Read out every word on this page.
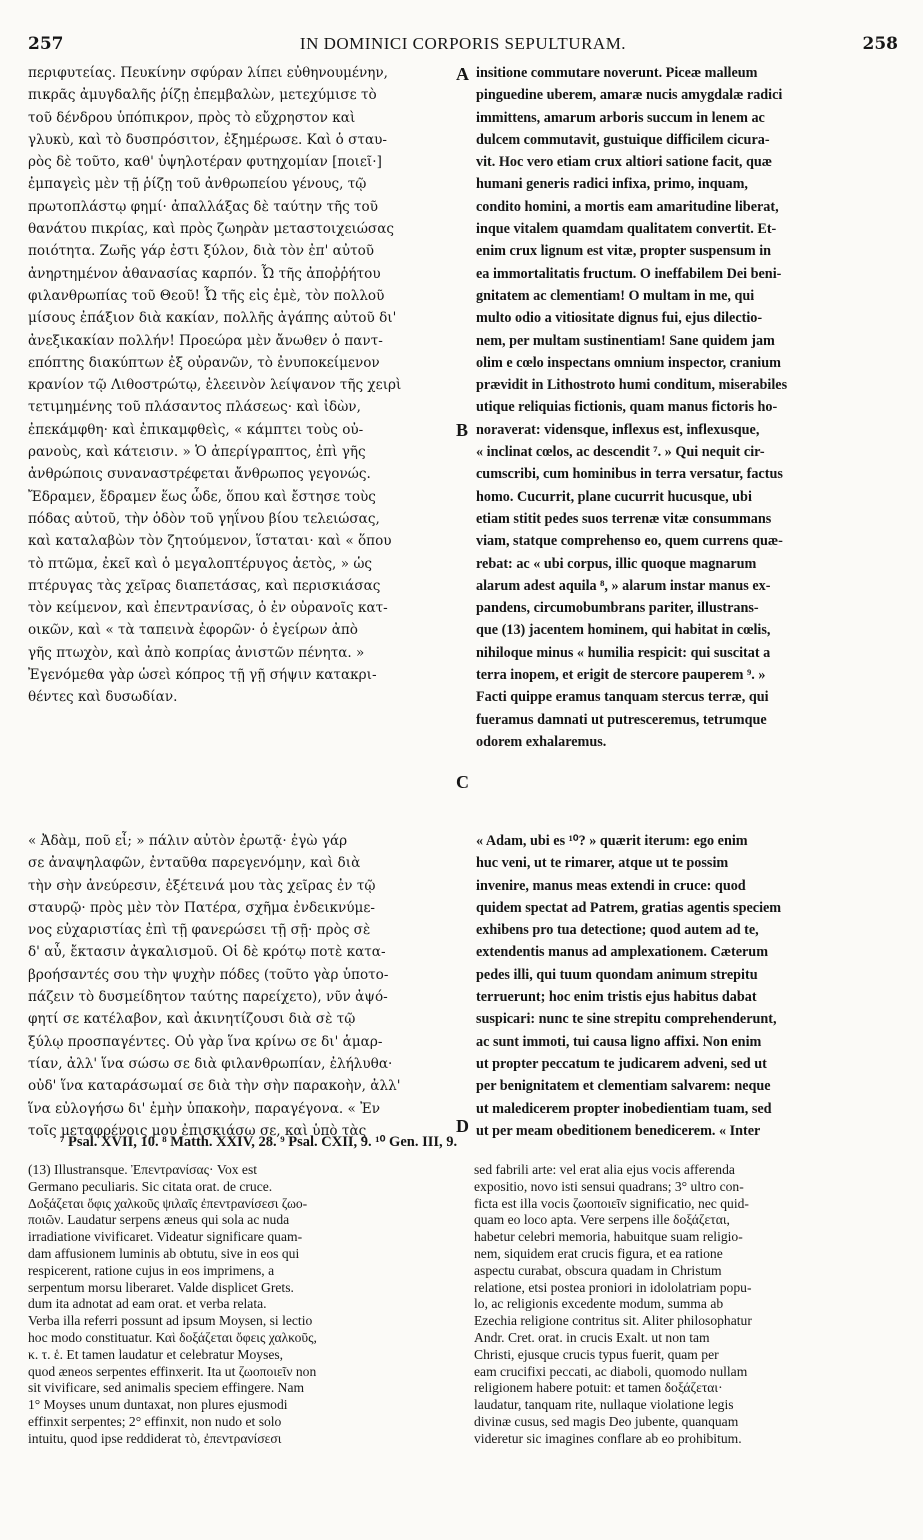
257	IN DOMINICI CORPORIS SEPULTURAM.	258

περιφυτείας. Πευκίνην σφύραν λίπει εὐθηνουμένην,

πικρᾶς ἀμυγδαλῆς ῥίζῃ ἐπεμβαλὼν, μετεχύμισε τὸ

τοῦ δένδρου ὑπόπικρον, πρὸς τὸ εὔχρηστον καὶ

γλυκὺ, καὶ τὸ δυσπρόσιτον, ἐξημέρωσε. Καὶ ὁ σταυ-

ρὸς δὲ τοῦτο, καθ' ὑψηλοτέραν φυτηχομίαν [ποιεῖ·]

ἐμπαγεὶς μὲν τῇ ῥίζῃ τοῦ ἀνθρωπείου γένους, τῷ

πρωτοπλάστῳ φημί· ἀπαλλάξας δὲ ταύτην τῆς τοῦ

θανάτου πικρίας, καὶ πρὸς ζωηρὰν μεταστοιχειώσας

ποιότητα. Ζωῆς γάρ ἐστι ξύλον, διὰ τὸν ἐπ' αὐτοῦ

ἀνηρτημένον ἀθανασίας καρπόν. Ὦ τῆς ἀποῤῥήτου

φιλανθρωπίας τοῦ Θεοῦ! Ὦ τῆς εἰς ἐμὲ, τὸν πολλοῦ

μίσους ἐπάξιον διὰ κακίαν, πολλῆς ἀγάπης αὐτοῦ δι'

ἀνεξικακίαν πολλήν! Προεώρα μὲν ἄνωθεν ὁ παντ-

επόπτης διακύπτων ἐξ οὐρανῶν, τὸ ἐνυποκείμενον

κρανίον τῷ Λιθοστρώτῳ, ἐλεεινὸν λείψανον τῆς χειρὶ

τετιμημένης τοῦ πλάσαντος πλάσεως· καὶ ἰδὼν,

ἐπεκάμφθη· καὶ ἐπικαμφθεὶς, « κάμπτει τοὺς οὐ-

ρανοὺς, καὶ κάτεισιν. » Ὁ ἀπερίγραπτος, ἐπὶ γῆς

ἀνθρώποις συναναστρέφεται ἄνθρωπος γεγονώς.

Ἔδραμεν, ἔδραμεν ἕως ὧδε, ὅπου καὶ ἔστησε τοὺς

πόδας αὐτοῦ, τὴν ὁδὸν τοῦ γηΐνου βίου τελειώσας,

καὶ καταλαβὼν τὸν ζητούμενον, ἵσταται· καὶ « ὅπου

τὸ πτῶμα, ἐκεῖ καὶ ὁ μεγαλοπτέρυγος ἀετὸς, » ὡς

πτέρυγας τὰς χεῖρας διαπετάσας, καὶ περισκιάσας

τὸν κείμενον, καὶ ἐπεντρανίσας, ὁ ἐν οὐρανοῖς κατ-

οικῶν, καὶ « τὰ ταπεινὰ ἐφορῶν· ὁ ἐγείρων ἀπὸ

γῆς πτωχὸν, καὶ ἀπὸ κοπρίας ἀνιστῶν πένητα. »

Ἐγενόμεθα γὰρ ὡσεὶ κόπρος τῇ γῇ σήψιν κατακρι-

θέντες καὶ δυσωδίαν.

« Ἀδὰμ, ποῦ εἶ; » πάλιν αὐτὸν ἐρωτᾷ· ἐγὼ γάρ

σε ἀναψηλαφῶν, ἐνταῦθα παρεγενόμην, καὶ διὰ

τὴν σὴν ἀνεύρεσιν, ἐξέτεινά μου τὰς χεῖρας ἐν τῷ

σταυρῷ· πρὸς μὲν τὸν Πατέρα, σχῆμα ἐνδεικνύμε-

νος εὐχαριστίας ἐπὶ τῇ φανερώσει τῇ σῇ· πρὸς σὲ

δ' αὖ, ἔκτασιν ἀγκαλισμοῦ. Οἱ δὲ κρότῳ ποτὲ κατα-

βροήσαντές σου τὴν ψυχὴν πόδες (τοῦτο γὰρ ὑποτο-

πάζειν τὸ δυσμείδητον ταύτης παρείχετο), νῦν ἀψό-

φητί σε κατέλαβον, καὶ ἀκινητίζουσι διὰ σὲ τῷ

ξύλῳ προσπαγέντες. Οὐ γὰρ ἵνα κρίνω σε δι' ἁμαρ-

τίαν, ἀλλ' ἵνα σώσω σε διὰ φιλανθρωπίαν, ἐλήλυθα·

οὐδ' ἵνα καταράσωμαί σε διὰ τὴν σὴν παρακοὴν, ἀλλ'

ἵνα εὐλογήσω δι' ἐμὴν ὑπακοὴν, παραγέγονα. « Ἐν

τοῖς μεταφρένοις μου ἐπισκιάσω σε, καὶ ὑπὸ τὰς

insitione commutare noverunt. Piceæ malleum

pinguedine uberem, amaræ nucis amygdalæ radici

immittens, amarum arboris succum in lenem ac

dulcem commutavit, gustuique difficilem cicura-

vit. Hoc vero etiam crux altiori satione facit, quæ

humani generis radici infixa, primo, inquam,

condito homini, a mortis eam amaritudine liberat,

inque vitalem quamdam qualitatem convertit. Et-

enim crux lignum est vitæ, propter suspensum in

ea immortalitatis fructum. O ineffabilem Dei beni-

gnitatem ac clementiam! O multam in me, qui

multo odio a vitiositate dignus fui, ejus dilectio-

nem, per multam sustinentiam! Sane quidem jam

olim e cœlo inspectans omnium inspector, cranium

prævidit in Lithostroto humi conditum, miserabiles

utique reliquias fictionis, quam manus fictoris ho-

noraverat: vidensque, inflexus est, inflexusque,

« inclinat cœlos, ac descendit ⁷. » Qui nequit cir-

cumscribi, cum hominibus in terra versatur, factus

homo. Cucurrit, plane cucurrit hucusque, ubi

etiam stitit pedes suos terrenæ vitæ consummans

viam, statque comprehenso eo, quem currens quæ-

rebat: ac « ubi corpus, illic quoque magnarum

alarum adest aquila ⁸, » alarum instar manus ex-

pandens, circumobumbrans pariter, illustrans-

que (13) jacentem hominem, qui habitat in cœlis,

nihiloque minus « humilia respicit: qui suscitat a

terra inopem, et erigit de stercore pauperem ⁹. »

Facti quippe eramus tanquam stercus terræ, qui

fueramus damnati ut putresceremus, tetrumque

odorem exhalaremus.

« Adam, ubi es ¹⁰? » quærit iterum: ego enim

huc veni, ut te rimarer, atque ut te possim

invenire, manus meas extendi in cruce: quod

quidem spectat ad Patrem, gratias agentis speciem

exhibens pro tua detectione; quod autem ad te,

extendentis manus ad amplexationem. Cæterum

pedes illi, qui tuum quondam animum strepitu

terruerunt; hoc enim tristis ejus habitus dabat

suspicari: nunc te sine strepitu comprehenderunt,

ac sunt immoti, tui causa ligno affixi. Non enim

ut propter peccatum te judicarem adveni, sed ut

per benignitatem et clementiam salvarem: neque

ut maledicerem propter inobedientiam tuam, sed

ut per meam obeditionem benedicerem. « Inter

A
B
C
D
⁷ Psal. XVII, 10. ⁸ Matth. XXIV, 28. ⁹ Psal. CXII, 9. ¹⁰ Gen. III, 9.

(13) Illustransque. Ἐπεντρανίσας· Vox est

Germano peculiaris. Sic citata orat. de cruce.

Δοξάζεται ὄφις χαλκοῦς ψιλαῖς ἐπεντρανίσεσι ζωο-

ποιῶν. Laudatur serpens æneus qui sola ac nuda

irradiatione vivificaret. Videatur significare quam-

dam affusionem luminis ab obtutu, sive in eos qui

respicerent, ratione cujus in eos imprimens, a

serpentum morsu liberaret. Valde displicet Grets.

dum ita adnotat ad eam orat. et verba relata.

Verba illa referri possunt ad ipsum Moysen, si lectio

hoc modo constituatur. Καὶ δοξάζεται ὄφεις χαλκοῦς,

κ. τ. ἑ. Et tamen laudatur et celebratur Moyses,

quod æneos serpentes effinxerit. Ita ut ζωοποιεῖν non

sit vivificare, sed animalis speciem effingere. Nam

1° Moyses unum duntaxat, non plures ejusmodi

effinxit serpentes; 2° effinxit, non nudo et solo

intuitu, quod ipse reddiderat τὸ, ἐπεντρανίσεσι

sed fabrili arte: vel erat alia ejus vocis afferenda

expositio, novo isti sensui quadrans; 3° ultro con-

ficta est illa vocis ζωοποιεῖν significatio, nec quid-

quam eo loco apta. Vere serpens ille δοξάζεται,

habetur celebri memoria, habuitque suam religio-

nem, siquidem erat crucis figura, et ea ratione

aspectu curabat, obscura quadam in Christum

relatione, etsi postea proniori in idololatriam popu-

lo, ac religionis excedente modum, summa ab

Ezechia religione contritus sit. Aliter philosophatur

Andr. Cret. orat. in crucis Exalt. ut non tam

Christi, ejusque crucis typus fuerit, quam per

eam crucifixi peccati, ac diaboli, quomodo nullam

religionem habere potuit: et tamen δοξάζεται·

laudatur, tanquam rite, nullaque violatione legis

divinæ cusus, sed magis Deo jubente, quanquam

videretur sic imagines conflare ab eo prohibitum.
